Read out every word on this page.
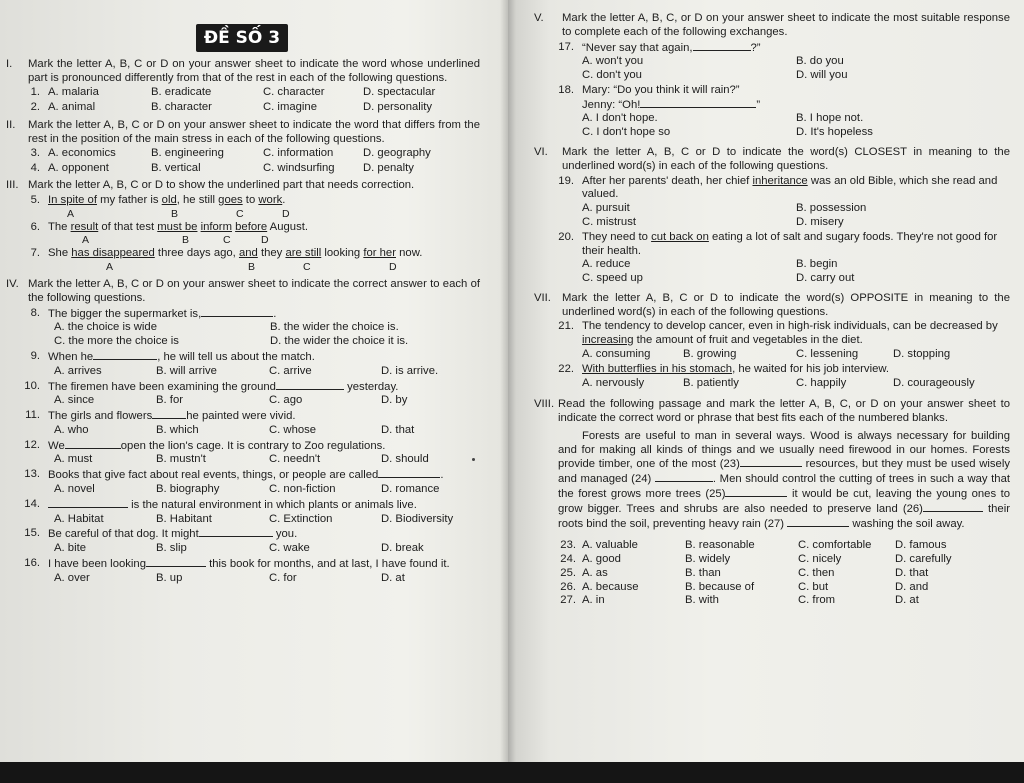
ĐỀ SỐ 3
I.	Mark the letter A, B, C or D on your answer sheet to indicate the word whose underlined part is pronounced differently from that of the rest in each of the following questions.
1. A. malaria	B. eradicate	C. character	D. spectacular
2. A. animal	B. character	C. imagine	D. personality
II.	Mark the letter A, B, C or D on your answer sheet to indicate the word that differs from the rest in the position of the main stress in each of the following questions.
3. A. economics	B. engineering	C. information	D. geography
4. A. opponent	B. vertical	C. windsurfing	D. penalty
III. Mark the letter A, B, C or D to show the underlined part that needs correction.
5. In spite of my father is old, he still goes to work.
A	B	C	D
6. The result of that test must be inform before August.
A	B	C	D
7. She has disappeared three days ago, and they are still looking for her now.
A	B	C	D
IV. Mark the letter A, B, C or D on your answer sheet to indicate the correct answer to each of the following questions.
8. The bigger the supermarket is,	.
A. the choice is wide	B. the wider the choice is.
C. the more the choice is	D. the wider the choice it is.
9. When he	, he will tell us about the match.
A. arrives	B. will arrive	C. arrive	D. is arrive.
10. The firemen have been examining the ground	yesterday.
A. since	B. for	C. ago	D. by
11. The girls and flowers	he painted were vivid.
A. who	B. which	C. whose	D. that
12. We	open the lion's cage. It is contrary to Zoo regulations.
A. must	B. mustn't	C. needn't	D. should
13. Books that give fact about real events, things, or people are called	.
A. novel	B. biography	C. non-fiction	D. romance
14.	is the natural environment in which plants or animals live.
A. Habitat	B. Habitant	C. Extinction	D. Biodiversity
15. Be careful of that dog. It might	you.
A. bite	B. slip	C. wake	D. break
16. I have been looking	this book for months, and at last, I have found it.
A. over	B. up	C. for	D. at
V.	Mark the letter A, B, C, or D on your answer sheet to indicate the most suitable response to complete each of the following exchanges.
17. “Never say that again,	?”
A. won't you	B. do you
C. don't you	D. will you
18. Mary: “Do you think it will rain?”
Jenny: “Oh!	”
A. I don't hope.	B. I hope not.
C. I don't hope so	D. It's hopeless
VI.	Mark the letter A, B, C or D to indicate the word(s) CLOSEST in meaning to the underlined word(s) in each of the following questions.
19. After her parents' death, her chief inheritance was an old Bible, which she read and valued.
A. pursuit	B. possession
C. mistrust	D. misery
20. They need to cut back on eating a lot of salt and sugary foods. They're not good for their health.
A. reduce	B. begin
C. speed up	D. carry out
VII. Mark the letter A, B, C or D to indicate the word(s) OPPOSITE in meaning to the underlined word(s) in each of the following questions.
21. The tendency to develop cancer, even in high-risk individuals, can be decreased by increasing the amount of fruit and vegetables in the diet.
A. consuming	B. growing	C. lessening	D. stopping
22. With butterflies in his stomach, he waited for his job interview.
A. nervously	B. patiently	C. happily	D. courageously
VIII. Read the following passage and mark the letter A, B, C, or D on your answer sheet to indicate the correct word or phrase that best fits each of the numbered blanks.

Forests are useful to man in several ways. Wood is always necessary for building and for making all kinds of things and we usually need firewood in our homes. Forests provide timber, one of the most (23)	resources, but they must be used wisely and managed (24)	. Men should control the cutting of trees in such a way that the forest grows more trees (25)	it would be cut, leaving the young ones to grow bigger. Trees and shrubs are also needed to preserve land (26)	their roots bind the soil, preventing heavy rain (27)	washing the soil away.

23. A. valuable	B. reasonable	C. comfortable	D. famous
24. A. good	B. widely	C. nicely	D. carefully
25. A. as	B. than	C. then	D. that
26. A. because	B. because of	C. but	D. and
27. A. in	B. with	C. from	D. at
